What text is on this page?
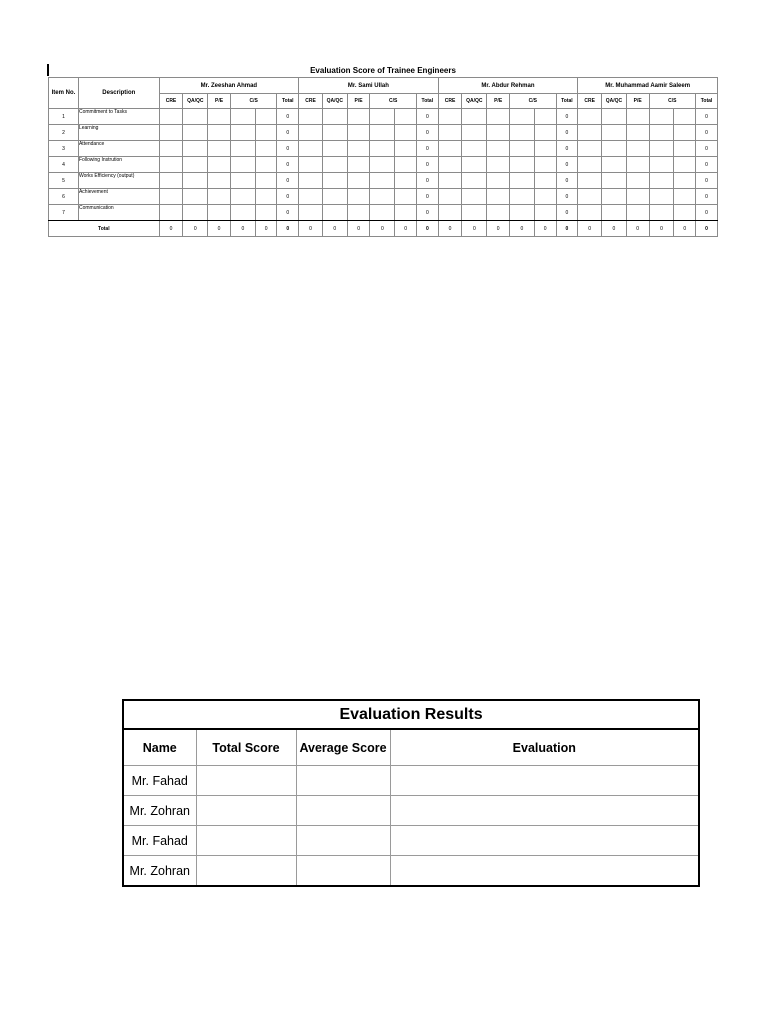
Evaluation Score of Trainee Engineers
Item No.	Description	Mr. Zeeshan Ahmad						Mr. Sami Ullah						Mr. Abdur Rehman						Mr. Muhammad Aamir Saleem					
		CRE	QA/QC	P/E	C/S		Total	CRE	QA/QC	P/E	C/S		Total	CRE	QA/QC	P/E	C/S		Total	CRE	QA/QC	P/E	C/S		Total
1	Commitment to Tasks						0						0						0						0
2	Learning						0						0						0						0
3	Attendance						0						0						0						0
4	Following Instrution						0						0						0						0
5	Works Efficiency (output)						0						0						0						0
6	Achievement						0						0						0						0
7	Communication						0						0						0						0
Total		0	0	0	0	0	0	0	0	0	0	0	0	0	0	0	0	0	0	0	0	0	0	0	0
Evaluation Results			
Name	Total Score	Average Score	Evaluation
Mr. Fahad			
Mr. Zohran			
Mr. Fahad			
Mr. Zohran			
